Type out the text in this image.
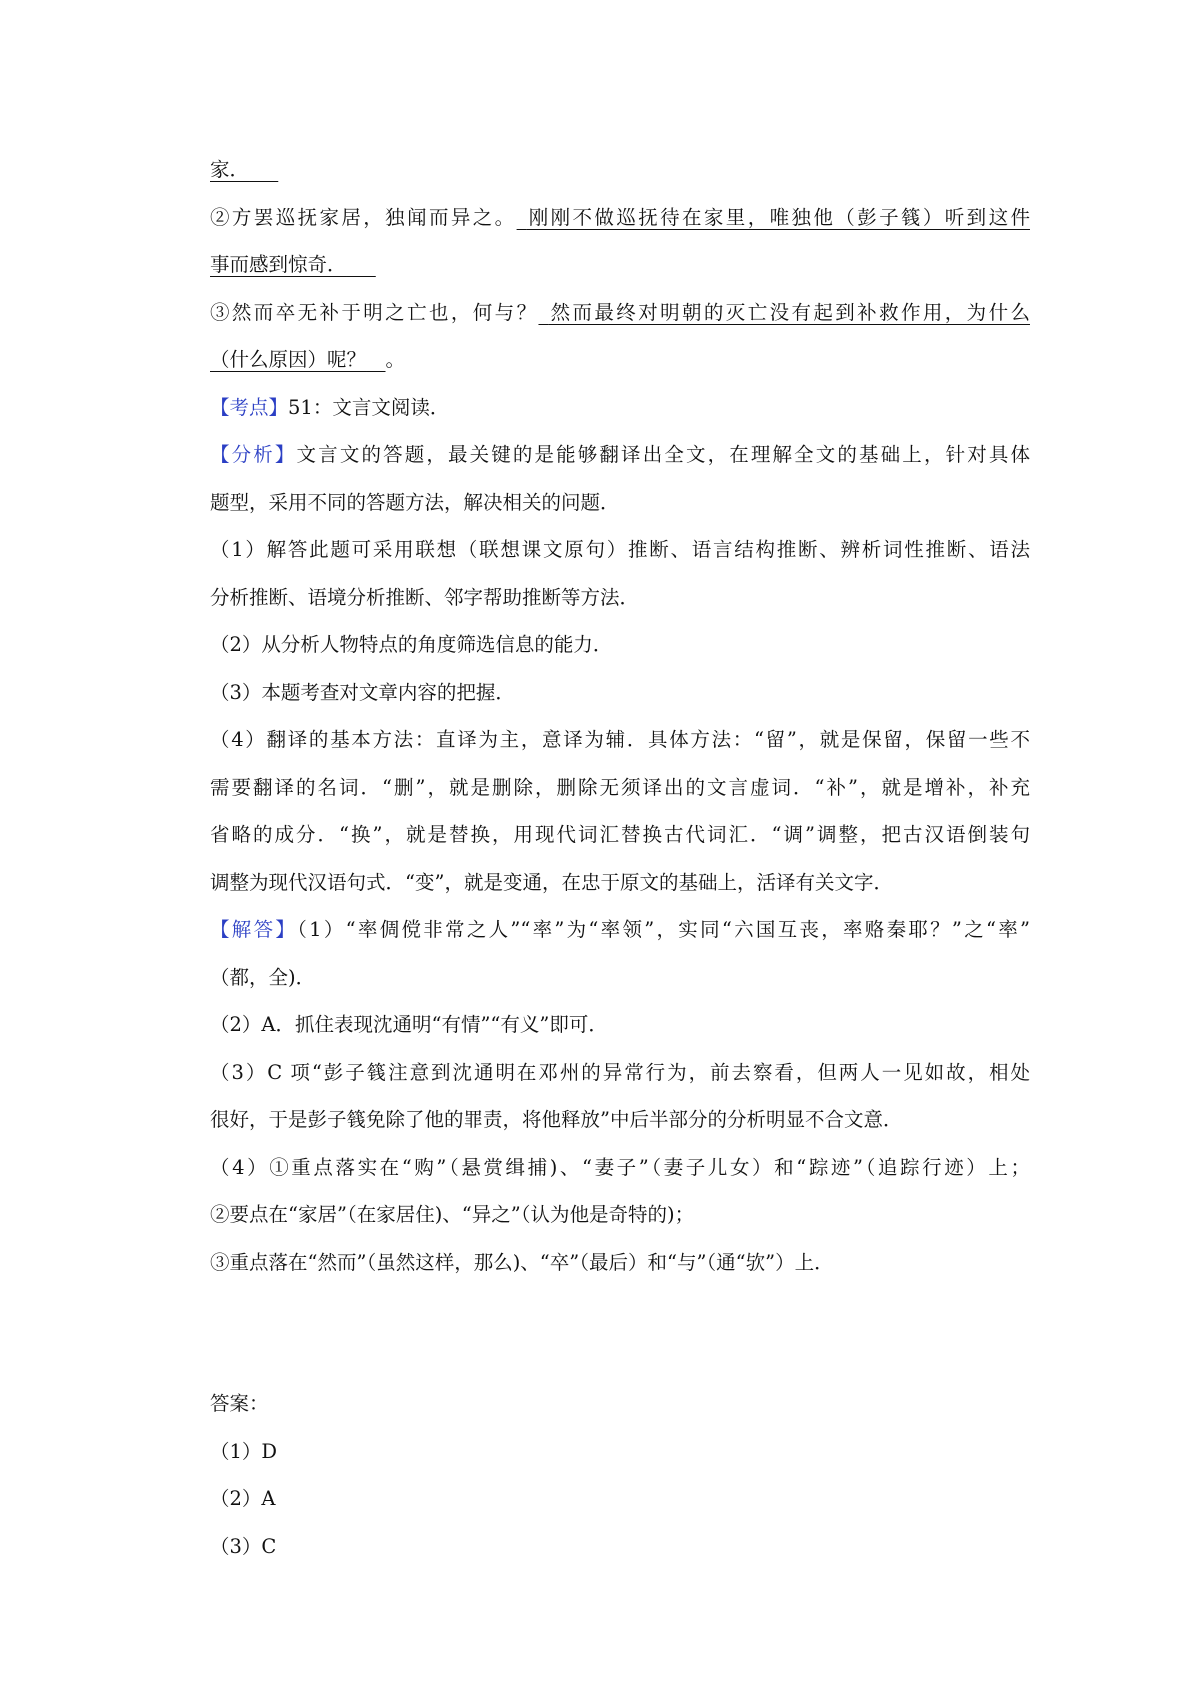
家．  
②方罢巡抚家居，独闻而异之。  刚刚不做巡抚待在家里，唯独他（彭子篯）听到这件
事而感到惊奇．  
③然而卒无补于明之亡也，何与？  然而最终对明朝的灭亡没有起到补救作用，为什么
（什么原因）呢？  。
【考点】51：文言文阅读．
【分析】文言文的答题，最关键的是能够翻译出全文，在理解全文的基础上，针对具体
题型，采用不同的答题方法，解决相关的问题．
（1）解答此题可采用联想（联想课文原句）推断、语言结构推断、辨析词性推断、语法
分析推断、语境分析推断、邻字帮助推断等方法．
（2）从分析人物特点的角度筛选信息的能力．
（3）本题考查对文章内容的把握．
（4）翻译的基本方法：直译为主，意译为辅．具体方法：“留”，就是保留，保留一些不
需要翻译的名词．“删”，就是删除，删除无须译出的文言虚词．“补”，就是增补，补充
省略的成分．“换”，就是替换，用现代词汇替换古代词汇．“调”调整，把古汉语倒装句
调整为现代汉语句式．“变”，就是变通，在忠于原文的基础上，活译有关文字．
【解答】（1）“率倜傥非常之人”“率”为“率领”，实同“六国互丧，率赂秦耶？”之“率”
（都，全)．
（2）A．抓住表现沈通明“有情”“有义”即可．
（3）C 项“彭子篯注意到沈通明在邓州的异常行为，前去察看，但两人一见如故，相处
很好，于是彭子篯免除了他的罪责，将他释放”中后半部分的分析明显不合文意．
（4）①重点落实在“购”（悬赏缉捕)、“妻子”（妻子儿女）和“踪迹”（追踪行迹）上；
②要点在“家居”（在家居住)、“异之”（认为他是奇特的)；
③重点落在“然而”（虽然这样，那么)、“卒”（最后）和“与”（通“欤”）上．
答案：
（1）D
（2）A
（3）C
